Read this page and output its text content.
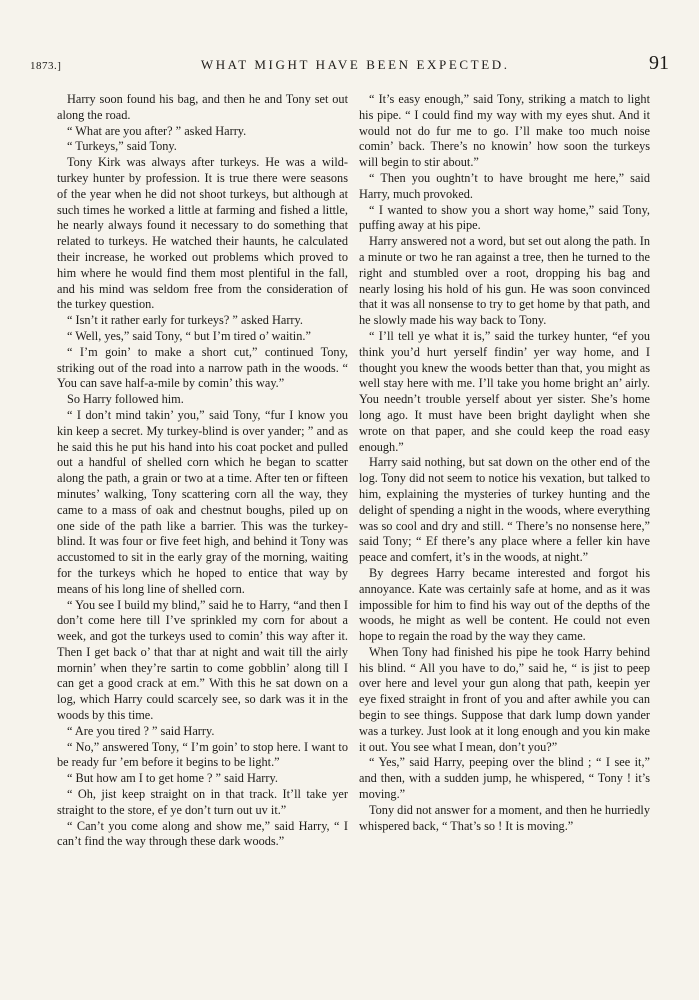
1873.]	WHAT MIGHT HAVE BEEN EXPECTED.	91

Harry soon found his bag, and then he and Tony set out along the road.

“ What are you after? ” asked Harry.

“ Turkeys,” said Tony.

Tony Kirk was always after turkeys. He was a wild-turkey hunter by profession. It is true there were seasons of the year when he did not shoot turkeys, but although at such times he worked a little at farming and fished a little, he nearly always found it necessary to do something that related to turkeys. He watched their haunts, he calculated their increase, he worked out problems which proved to him where he would find them most plentiful in the fall, and his mind was seldom free from the consideration of the turkey question.

“ Isn’t it rather early for turkeys? ” asked Harry.

“ Well, yes,” said Tony, “ but I’m tired o’ waitin.”

“ I’m goin’ to make a short cut,” continued Tony, striking out of the road into a narrow path in the woods. “ You can save half-a-mile by comin’ this way.”

So Harry followed him.

“ I don’t mind takin’ you,” said Tony, “fur I know you kin keep a secret. My turkey-blind is over yander; ” and as he said this he put his hand into his coat pocket and pulled out a handful of shelled corn which he began to scatter along the path, a grain or two at a time. After ten or fifteen minutes’ walking, Tony scattering corn all the way, they came to a mass of oak and chestnut boughs, piled up on one side of the path like a barrier. This was the turkey-blind. It was four or five feet high, and behind it Tony was accustomed to sit in the early gray of the morning, waiting for the turkeys which he hoped to entice that way by means of his long line of shelled corn.

“ You see I build my blind,” said he to Harry, “and then I don’t come here till I’ve sprinkled my corn for about a week, and got the turkeys used to comin’ this way after it. Then I get back o’ that thar at night and wait till the airly mornin’ when they’re sartin to come gobblin’ along till I can get a good crack at em.” With this he sat down on a log, which Harry could scarcely see, so dark was it in the woods by this time.

“ Are you tired ? ” said Harry.

“ No,” answered Tony, “ I’m goin’ to stop here. I want to be ready fur ’em before it begins to be light.”

“ But how am I to get home ? ” said Harry.

“ Oh, jist keep straight on in that track. It’ll take yer straight to the store, ef ye don’t turn out uv it.”

“ Can’t you come along and show me,” said Harry, “ I can’t find the way through these dark woods.”

“ It’s easy enough,” said Tony, striking a match to light his pipe. “ I could find my way with my eyes shut. And it would not do fur me to go. I’ll make too much noise comin’ back. There’s no knowin’ how soon the turkeys will begin to stir about.”

“ Then you oughtn’t to have brought me here,” said Harry, much provoked.

“ I wanted to show you a short way home,” said Tony, puffing away at his pipe.

Harry answered not a word, but set out along the path. In a minute or two he ran against a tree, then he turned to the right and stumbled over a root, dropping his bag and nearly losing his hold of his gun. He was soon convinced that it was all nonsense to try to get home by that path, and he slowly made his way back to Tony.

“ I’ll tell ye what it is,” said the turkey hunter, “ef you think you’d hurt yerself findin’ yer way home, and I thought you knew the woods better than that, you might as well stay here with me. I’ll take you home bright an’ airly. You needn’t trouble yerself about yer sister. She’s home long ago. It must have been bright daylight when she wrote on that paper, and she could keep the road easy enough.”

Harry said nothing, but sat down on the other end of the log. Tony did not seem to notice his vexation, but talked to him, explaining the mysteries of turkey hunting and the delight of spending a night in the woods, where everything was so cool and dry and still. “ There’s no nonsense here,” said Tony; “ Ef there’s any place where a feller kin have peace and comfert, it’s in the woods, at night.”

By degrees Harry became interested and forgot his annoyance. Kate was certainly safe at home, and as it was impossible for him to find his way out of the depths of the woods, he might as well be content. He could not even hope to regain the road by the way they came.

When Tony had finished his pipe he took Harry behind his blind. “ All you have to do,” said he, “ is jist to peep over here and level your gun along that path, keepin yer eye fixed straight in front of you and after awhile you can begin to see things. Suppose that dark lump down yander was a turkey. Just look at it long enough and you kin make it out. You see what I mean, don’t you?”

“ Yes,” said Harry, peeping over the blind ; “ I see it,” and then, with a sudden jump, he whispered, “ Tony ! it’s moving.”

Tony did not answer for a moment, and then he hurriedly whispered back, “ That’s so ! It is moving.”
